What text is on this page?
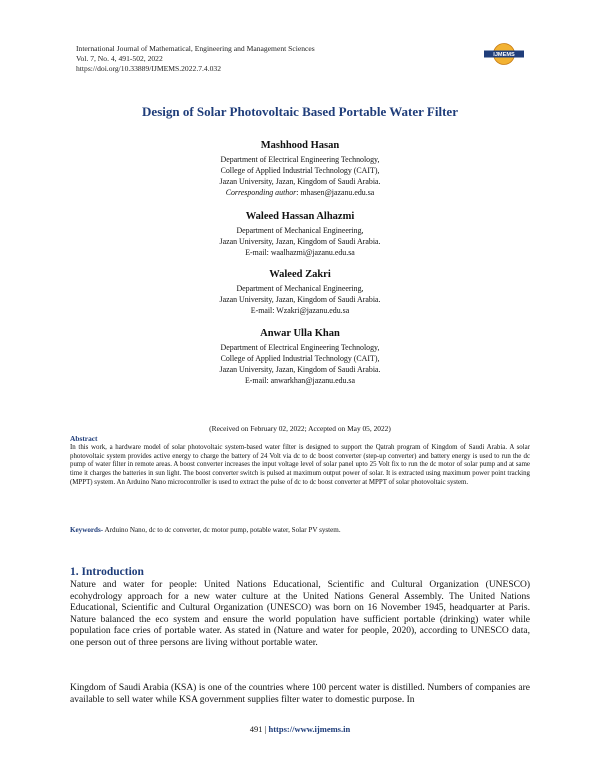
International Journal of Mathematical, Engineering and Management Sciences
Vol. 7, No. 4, 491-502, 2022
https://doi.org/10.33889/IJMEMS.2022.7.4.032
IJMEMS
Design of Solar Photovoltaic Based Portable Water Filter
Mashhood Hasan
Department of Electrical Engineering Technology,
College of Applied Industrial Technology (CAIT),
Jazan University, Jazan, Kingdom of Saudi Arabia.
Corresponding author: mhasen@jazanu.edu.sa
Waleed Hassan Alhazmi
Department of Mechanical Engineering,
Jazan University, Jazan, Kingdom of Saudi Arabia.
E-mail: waalhazmi@jazanu.edu.sa
Waleed Zakri
Department of Mechanical Engineering,
Jazan University, Jazan, Kingdom of Saudi Arabia.
E-mail: Wzakri@jazanu.edu.sa
Anwar Ulla Khan
Department of Electrical Engineering Technology,
College of Applied Industrial Technology (CAIT),
Jazan University, Jazan, Kingdom of Saudi Arabia.
E-mail: anwarkhan@jazanu.edu.sa
(Received on February 02, 2022; Accepted on May 05, 2022)
Abstract
In this work, a hardware model of solar photovoltaic system-based water filter is designed to support the Qatrah program of Kingdom of Saudi Arabia. A solar photovoltaic system provides active energy to charge the battery of 24 Volt via dc to dc boost converter (step-up converter) and battery energy is used to run the dc pump of water filter in remote areas. A boost converter increases the input voltage level of solar panel upto 25 Volt fix to run the dc motor of solar pump and at same time it charges the batteries in sun light. The boost converter switch is pulsed at maximum output power of solar. It is extracted using maximum power point tracking (MPPT) system. An Arduino Nano microcontroller is used to extract the pulse of dc to dc boost converter at MPPT of solar photovoltaic system.
Keywords- Arduino Nano, dc to dc converter, dc motor pump, potable water, Solar PV system.
1. Introduction
Nature and water for people: United Nations Educational, Scientific and Cultural Organization (UNESCO) ecohydrology approach for a new water culture at the United Nations General Assembly. The United Nations Educational, Scientific and Cultural Organization (UNESCO) was born on 16 November 1945, headquarter at Paris. Nature balanced the eco system and ensure the world population have sufficient portable (drinking) water while population face cries of portable water. As stated in (Nature and water for people, 2020), according to UNESCO data, one person out of three persons are living without portable water.
Kingdom of Saudi Arabia (KSA) is one of the countries where 100 percent water is distilled. Numbers of companies are available to sell water while KSA government supplies filter water to domestic purpose. In
491 | https://www.ijmems.in
